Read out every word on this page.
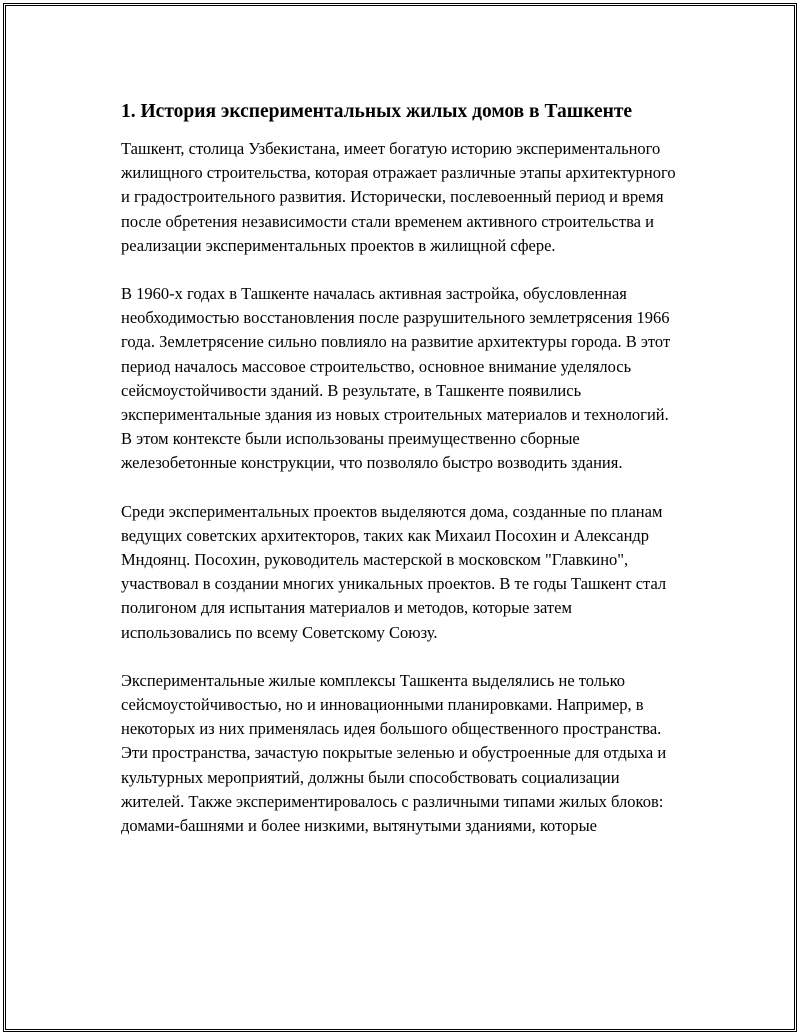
1. История экспериментальных жилых домов в Ташкенте

Ташкент, столица Узбекистана, имеет богатую историю экспериментального жилищного строительства, которая отражает различные этапы архитектурного и градостроительного развития. Исторически, послевоенный период и время после обретения независимости стали временем активного строительства и реализации экспериментальных проектов в жилищной сфере.

В 1960-х годах в Ташкенте началась активная застройка, обусловленная необходимостью восстановления после разрушительного землетрясения 1966 года. Землетрясение сильно повлияло на развитие архитектуры города. В этот период началось массовое строительство, основное внимание уделялось сейсмоустойчивости зданий. В результате, в Ташкенте появились экспериментальные здания из новых строительных материалов и технологий. В этом контексте были использованы преимущественно сборные железобетонные конструкции, что позволяло быстро возводить здания.

Среди экспериментальных проектов выделяются дома, созданные по планам ведущих советских архитекторов, таких как Михаил Посохин и Александр Мндоянц. Посохин, руководитель мастерской в московском "Главкино", участвовал в создании многих уникальных проектов. В те годы Ташкент стал полигоном для испытания материалов и методов, которые затем использовались по всему Советскому Союзу.

Экспериментальные жилые комплексы Ташкента выделялись не только сейсмоустойчивостью, но и инновационными планировками. Например, в некоторых из них применялась идея большого общественного пространства. Эти пространства, зачастую покрытые зеленью и обустроенные для отдыха и культурных мероприятий, должны были способствовать социализации жителей. Также экспериментировалось с различными типами жилых блоков: домами-башнями и более низкими, вытянутыми зданиями, которые
